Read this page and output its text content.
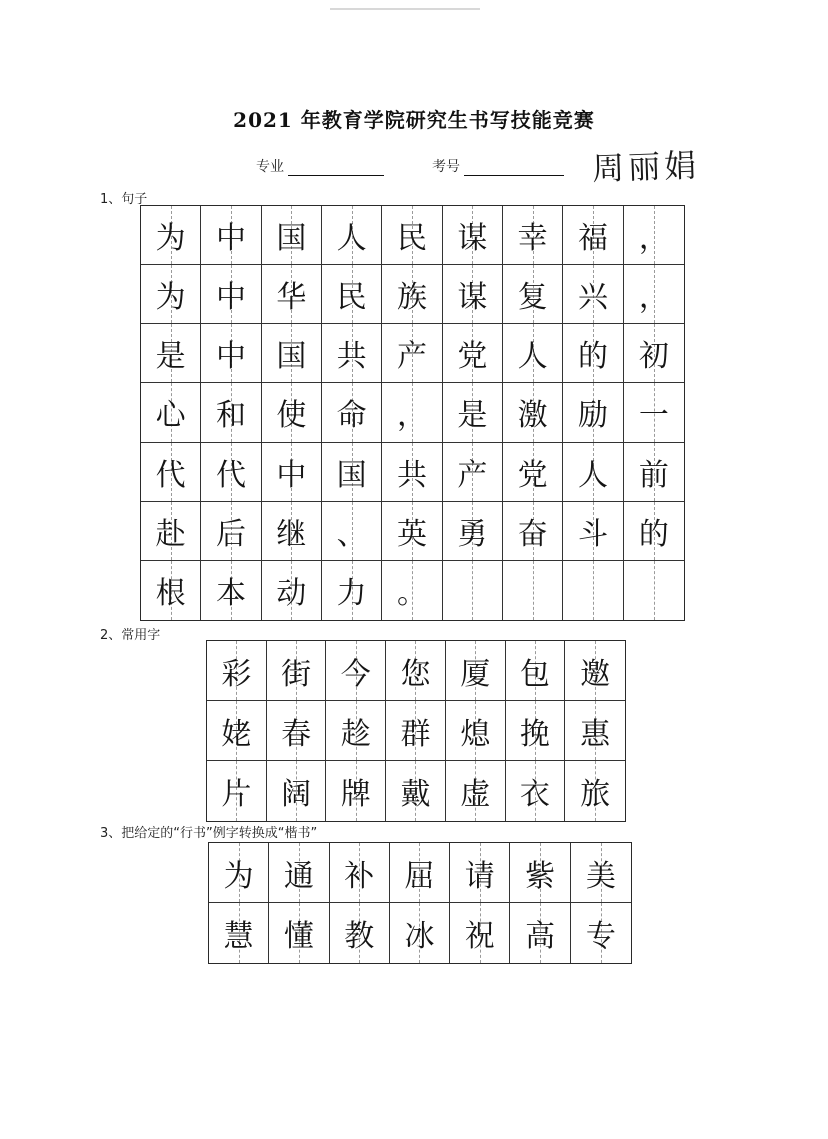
2021 年教育学院研究生书写技能竞赛
专业	考号	周丽娟
1、句子
为 中 国 人 民 谋 幸 福 ，
为 中 华 民 族 谋 复 兴 ，
是 中 国 共 产 党 人 的 初
心 和 使 命 ， 是 激 励 一
代 代 中 国 共 产 党 人 前
赴 后 继 、 英 勇 奋 斗 的
根 本 动 力 。
2、常用字
彩 街 今 您 厦 包 邀
姥 春 趁 群 熄 挽 惠
片 阔 牌 戴 虚 衣 旅
3、把给定的“行书”例字转换成“楷书”
为 通 补 屈 请 紫 美
慧 懂 教 冰 祝 高 专
